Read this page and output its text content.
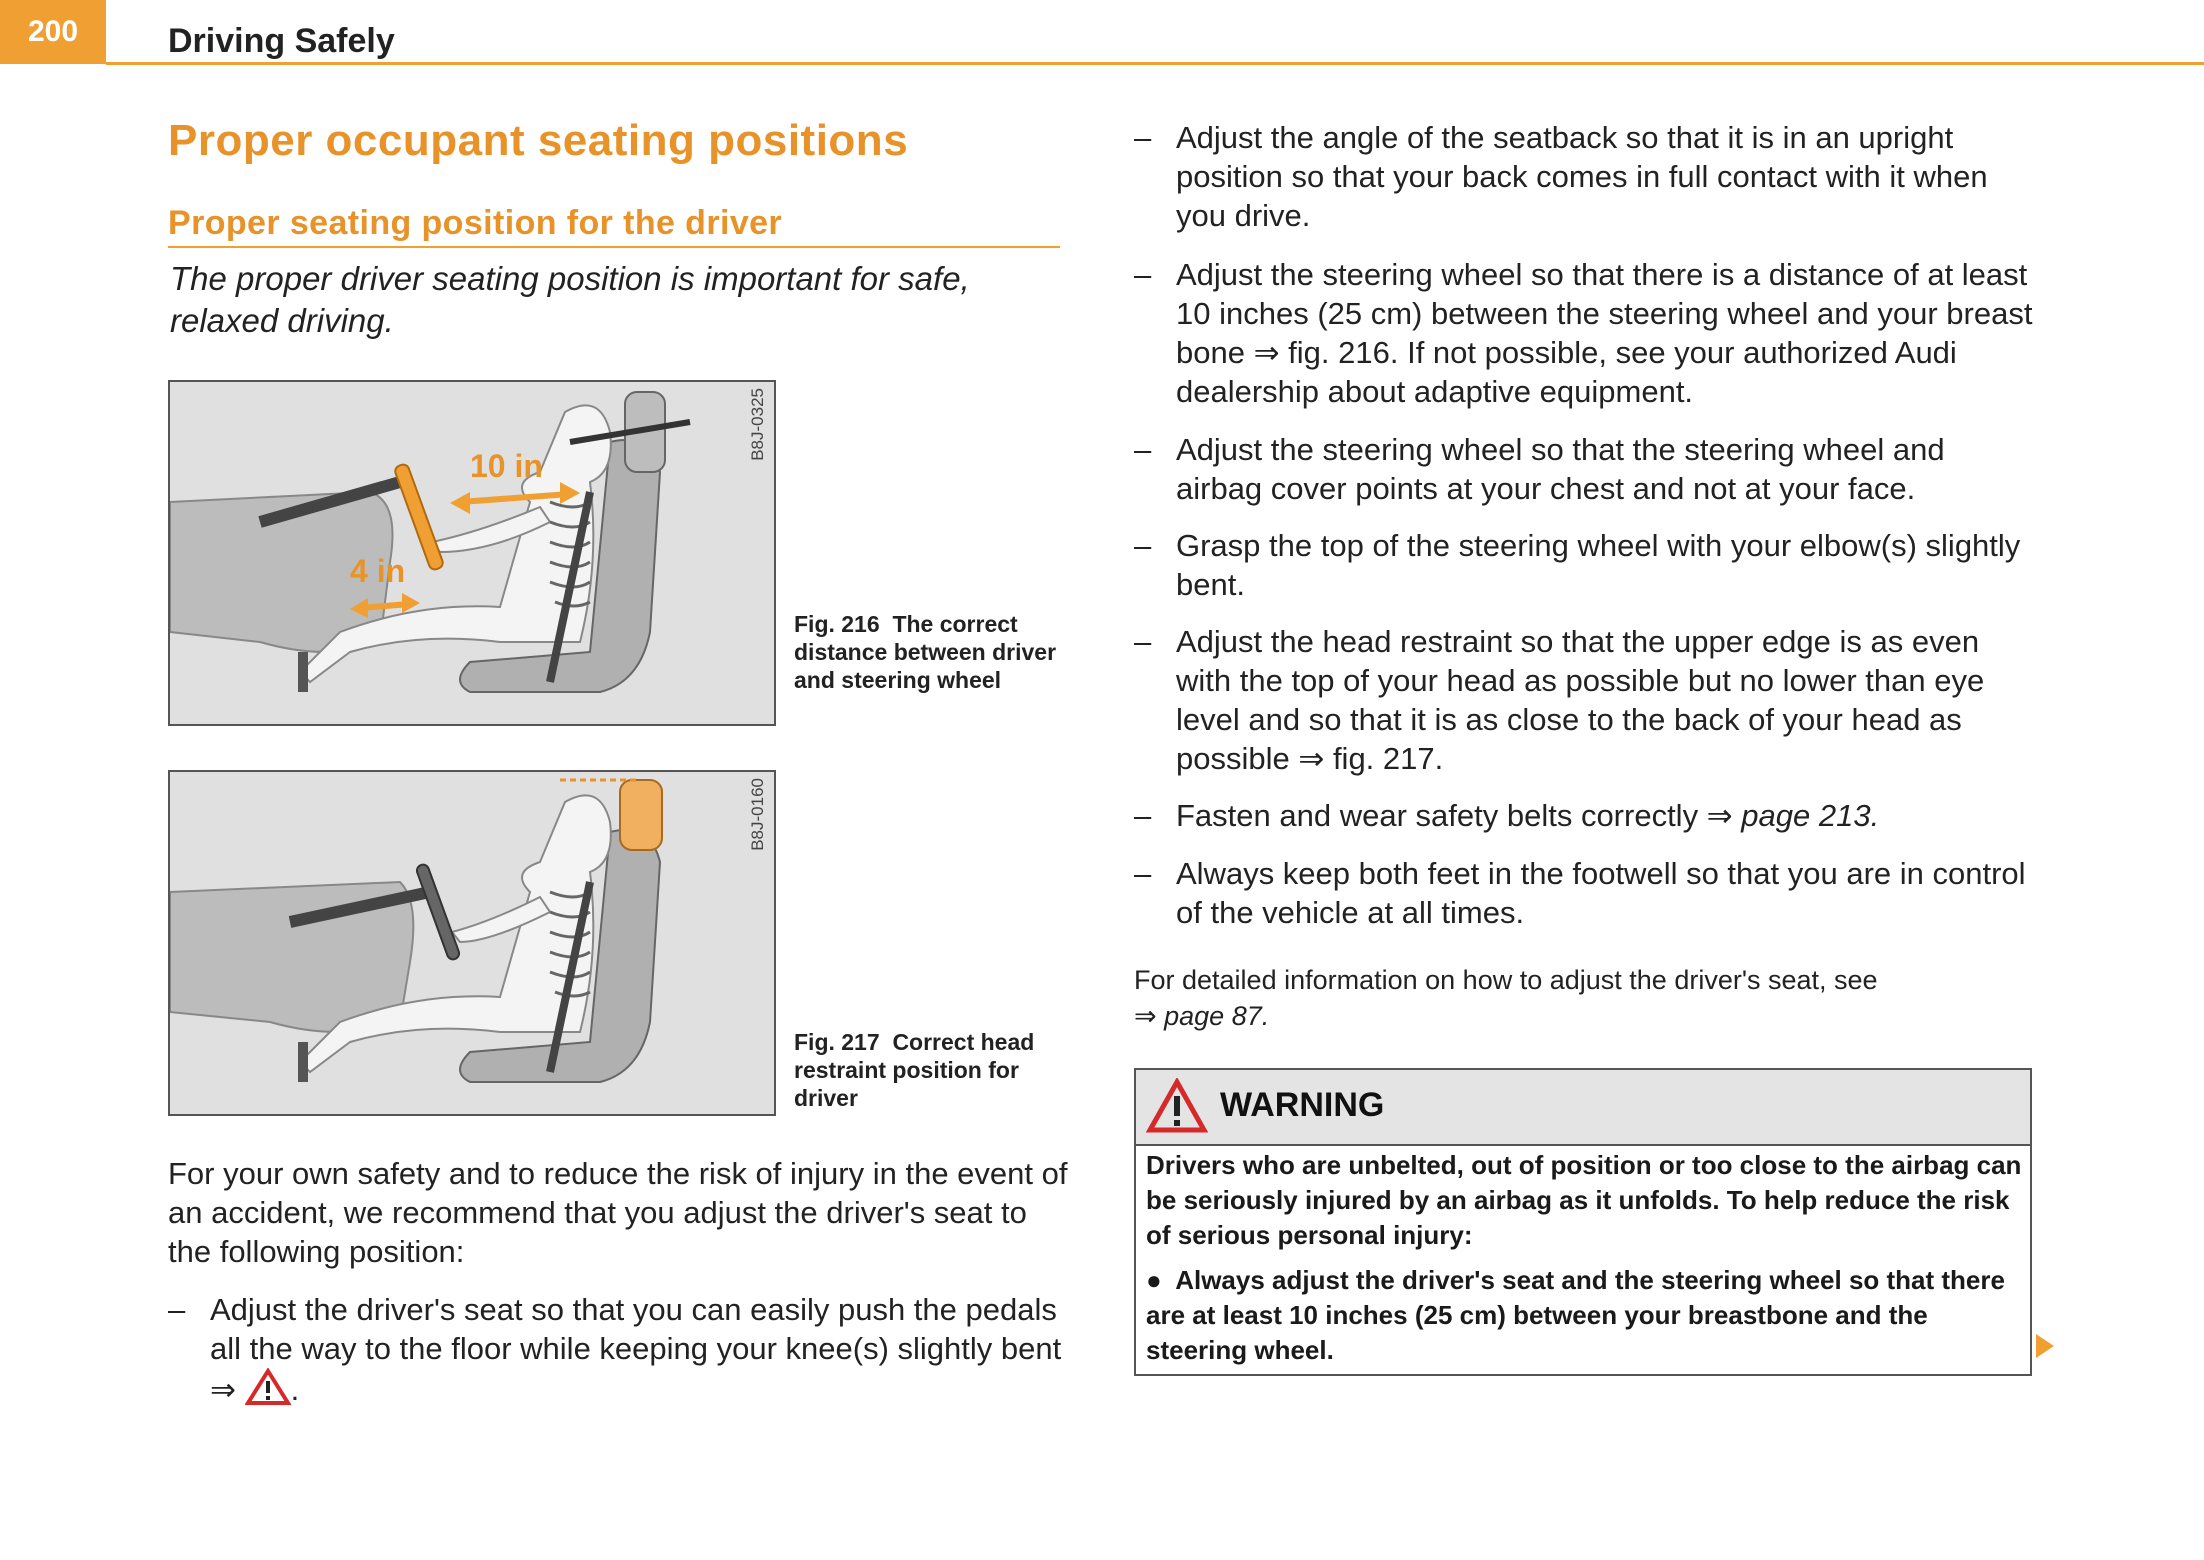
200	Driving Safely
Proper occupant seating positions
Proper seating position for the driver
The proper driver seating position is important for safe, relaxed driving.
10 in
4 in
B8J-0325
Fig. 216 The correct distance between driver and steering wheel
B8J-0160
Fig. 217 Correct head restraint position for driver
For your own safety and to reduce the risk of injury in the event of an accident, we recommend that you adjust the driver's seat to the following position:
– Adjust the driver's seat so that you can easily push the pedals all the way to the floor while keeping your knee(s) slightly bent ⇒ .
– Adjust the angle of the seatback so that it is in an upright position so that your back comes in full contact with it when you drive.
– Adjust the steering wheel so that there is a distance of at least 10 inches (25 cm) between the steering wheel and your breast bone ⇒ fig. 216. If not possible, see your authorized Audi dealership about adaptive equipment.
– Adjust the steering wheel so that the steering wheel and airbag cover points at your chest and not at your face.
– Grasp the top of the steering wheel with your elbow(s) slightly bent.
– Adjust the head restraint so that the upper edge is as even with the top of your head as possible but no lower than eye level and so that it is as close to the back of your head as possible ⇒ fig. 217.
– Fasten and wear safety belts correctly ⇒ page 213.
– Always keep both feet in the footwell so that you are in control of the vehicle at all times.
For detailed information on how to adjust the driver's seat, see
⇒ page 87.
WARNING
Drivers who are unbelted, out of position or too close to the airbag can be seriously injured by an airbag as it unfolds. To help reduce the risk of serious personal injury:
● Always adjust the driver's seat and the steering wheel so that there are at least 10 inches (25 cm) between your breastbone and the steering wheel.
